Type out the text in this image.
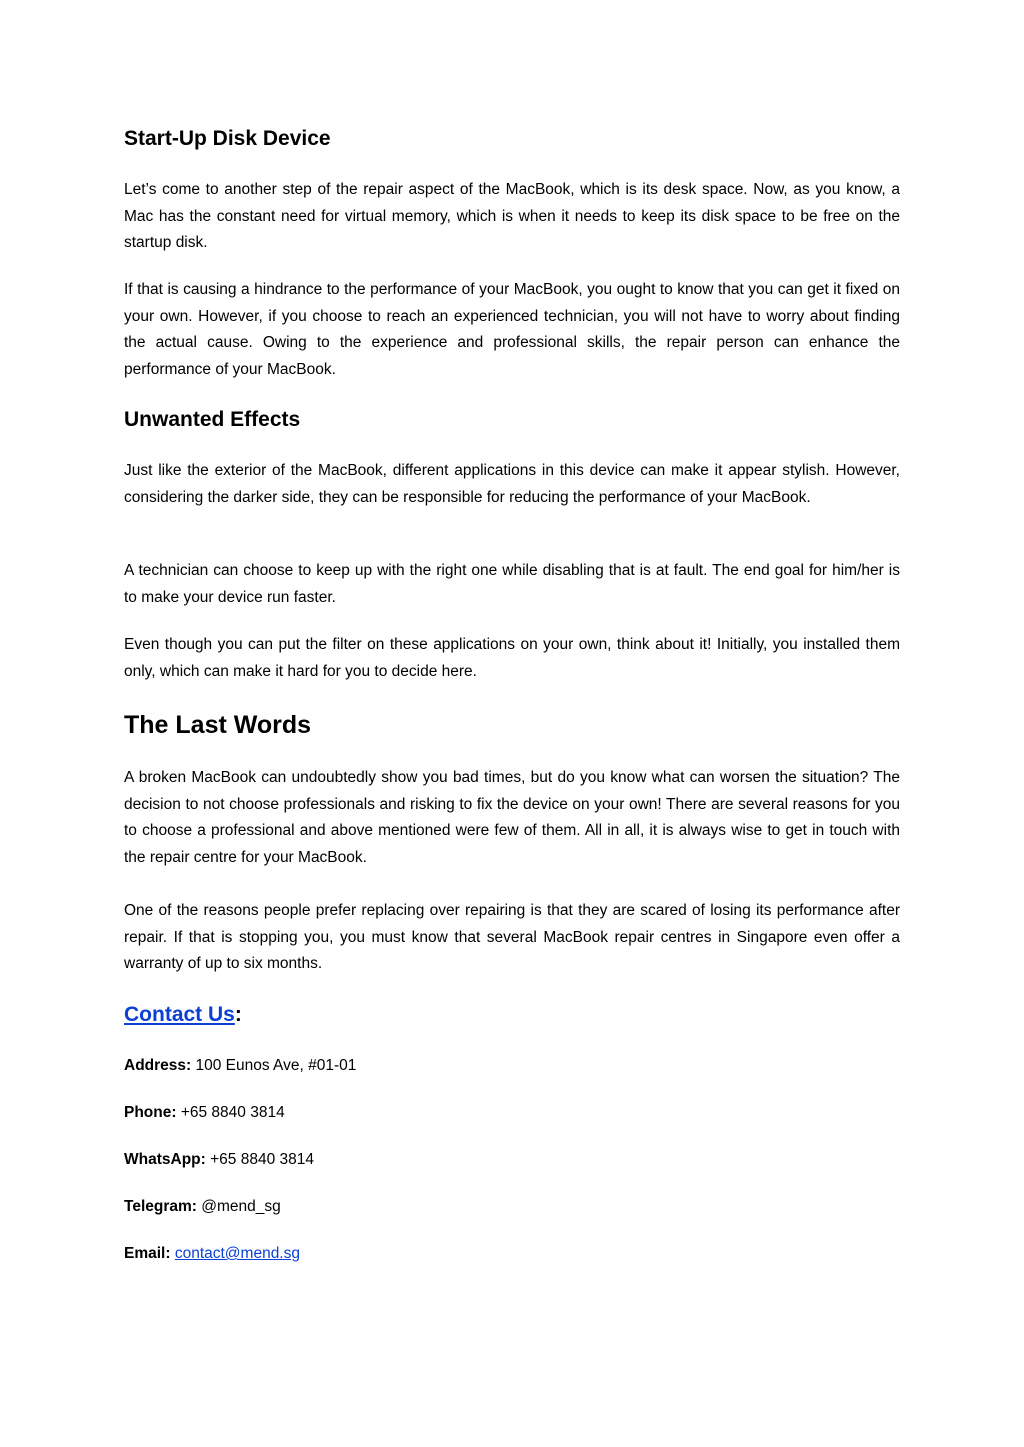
Start-Up Disk Device

Let’s come to another step of the repair aspect of the MacBook, which is its desk space. Now, as you know, a Mac has the constant need for virtual memory, which is when it needs to keep its disk space to be free on the startup disk.

If that is causing a hindrance to the performance of your MacBook, you ought to know that you can get it fixed on your own. However, if you choose to reach an experienced technician, you will not have to worry about finding the actual cause. Owing to the experience and professional skills, the repair person can enhance the performance of your MacBook.

Unwanted Effects

Just like the exterior of the MacBook, different applications in this device can make it appear stylish. However, considering the darker side, they can be responsible for reducing the performance of your MacBook.

A technician can choose to keep up with the right one while disabling that is at fault. The end goal for him/her is to make your device run faster.

Even though you can put the filter on these applications on your own, think about it! Initially, you installed them only, which can make it hard for you to decide here.

The Last Words

A broken MacBook can undoubtedly show you bad times, but do you know what can worsen the situation? The decision to not choose professionals and risking to fix the device on your own! There are several reasons for you to choose a professional and above mentioned were few of them. All in all, it is always wise to get in touch with the repair centre for your MacBook.

One of the reasons people prefer replacing over repairing is that they are scared of losing its performance after repair. If that is stopping you, you must know that several MacBook repair centres in Singapore even offer a warranty of up to six months.

Contact Us:

Address: 100 Eunos Ave, #01-01

Phone: +65 8840 3814

WhatsApp: +65 8840 3814

Telegram: @mend_sg

Email: contact@mend.sg
